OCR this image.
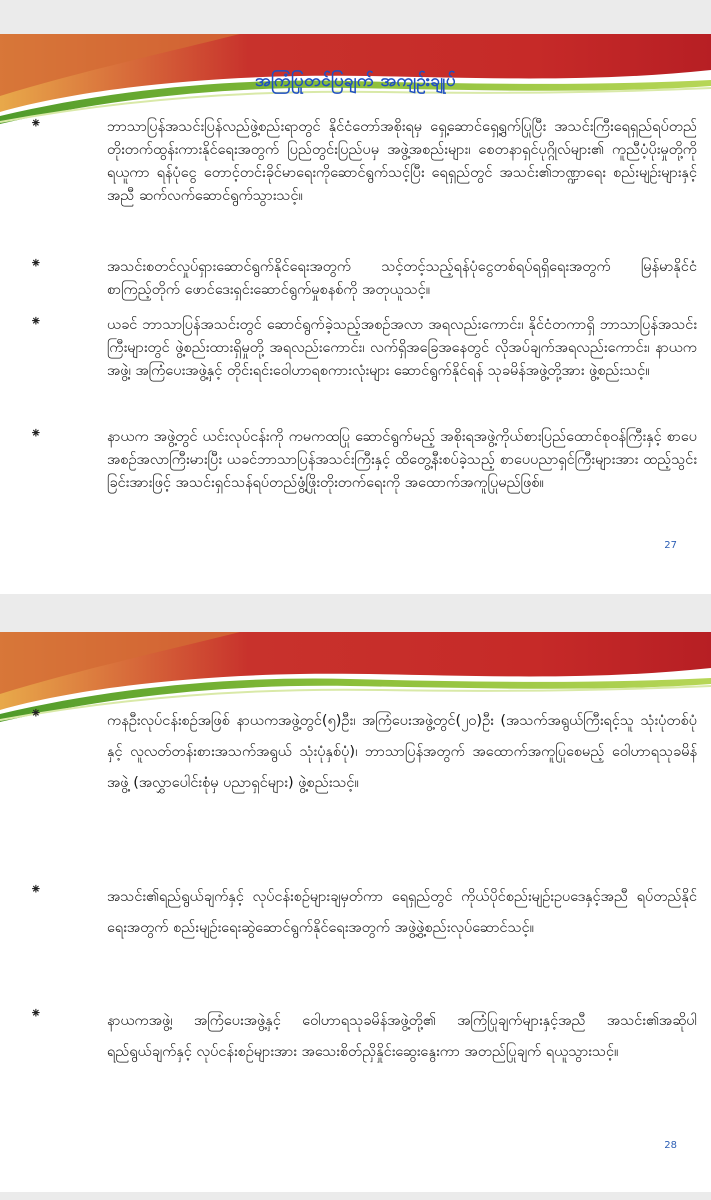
အကြံပြုတင်ပြချက် အကျဉ်းချုပ်
⁕	ဘာသာပြန်အသင်းပြန်လည်ဖွဲ့စည်းရာတွင် နိုင်ငံတော်အစိုးရမှ ရှေ့ဆောင်ရှေ့ရွက်ပြုပြီး အသင်းကြီးရေရှည်ရပ်တည် တိုးတက်ထွန်းကားနိုင်ရေးအတွက် ပြည်တွင်းပြည်ပမှ အဖွဲ့အစည်းများ၊ စေတနာရှင်ပုဂ္ဂိုလ်များ၏ ကူညီပံ့ပိုးမှုတို့ကို ရယူကာ ရန်ပုံငွေ တောင့်တင်းခိုင်မာရေးကိုဆောင်ရွက်သင့်ပြီး ရေရှည်တွင် အသင်း၏ဘဏ္ဍာရေး စည်းမျဉ်းများနှင့်အညီ ဆက်လက်ဆောင်ရွက်သွားသင့်။

⁕	အသင်းစတင်လှုပ်ရှားဆောင်ရွက်နိုင်ရေးအတွက် သင့်တင့်သည့်ရန်ပုံငွေတစ်ရပ်ရရှိရေးအတွက် မြန်မာနိုင်ငံစာကြည့်တိုက် ဖောင်ဒေးရှင်းဆောင်ရွက်မှုစနစ်ကို အတုယူသင့်။

⁕	ယခင် ဘာသာပြန်အသင်းတွင် ဆောင်ရွက်ခဲ့သည့်အစဉ်အလာ အရလည်းကောင်း၊ နိုင်ငံတကာရှိ ဘာသာပြန်အသင်းကြီးများတွင် ဖွဲ့စည်းထားရှိမှုတို့ အရလည်းကောင်း၊ လက်ရှိအခြေအနေတွင် လိုအပ်ချက်အရလည်းကောင်း၊ နာယကအဖွဲ့၊ အကြံပေးအဖွဲ့နှင့် တိုင်းရင်းဝေါဟာရစကားလုံးများ ဆောင်ရွက်နိုင်ရန် သုခမိန်အဖွဲ့တို့အား ဖွဲ့စည်းသင့်။

⁕	နာယက အဖွဲ့တွင် ယင်းလုပ်ငန်းကို ကမကထပြု ဆောင်ရွက်မည့် အစိုးရအဖွဲ့ကိုယ်စားပြည်ထောင်စုဝန်ကြီးနှင့် စာပေအစဉ်အလာကြီးမားပြီး ယခင်ဘာသာပြန်အသင်းကြီးနှင့် ထိတွေ့နီးစပ်ခဲ့သည့် စာပေပညာရှင်ကြီးများအား ထည့်သွင်းခြင်းအားဖြင့် အသင်းရှင်သန်ရပ်တည်ဖွံ့ဖြိုးတိုးတက်ရေးကို အထောက်အကူပြုမည်ဖြစ်။

27
⁕	ကနဦးလုပ်ငန်းစဉ်အဖြစ် နာယကအဖွဲ့တွင်(၅)ဦး၊ အကြံပေးအဖွဲ့တွင်(၂၀)ဦး (အသက်အရွယ်ကြီးရင့်သူ သုံးပုံတစ်ပုံနှင့် လူလတ်တန်းစားအသက်အရွယ် သုံးပုံနှစ်ပုံ)၊ ဘာသာပြန်အတွက် အထောက်အကူပြုစေမည့် ဝေါဟာရသုခမိန်အဖွဲ့ (အလွှာပေါင်းစုံမှ ပညာရှင်များ) ဖွဲ့စည်းသင့်။

⁕	အသင်း၏ရည်ရွယ်ချက်နှင့် လုပ်ငန်းစဉ်များချမှတ်ကာ ရေရှည်တွင် ကိုယ်ပိုင်စည်းမျဉ်းဥပဒေနှင့်အညီ ရပ်တည်နိုင်ရေးအတွက် စည်းမျဉ်းရေးဆွဲဆောင်ရွက်နိုင်ရေးအတွက် အဖွဲ့ဖွဲ့စည်းလုပ်ဆောင်သင့်။

⁕	နာယကအဖွဲ့၊ အကြံပေးအဖွဲ့နှင့် ဝေါဟာရသုခမိန်အဖွဲ့တို့၏ အကြံပြုချက်များနှင့်အညီ အသင်း၏အဆိုပါရည်ရွယ်ချက်နှင့် လုပ်ငန်းစဉ်များအား အသေးစိတ်ညှိနှိုင်းဆွေးနွေးကာ အတည်ပြုချက် ရယူသွားသင့်။

28
